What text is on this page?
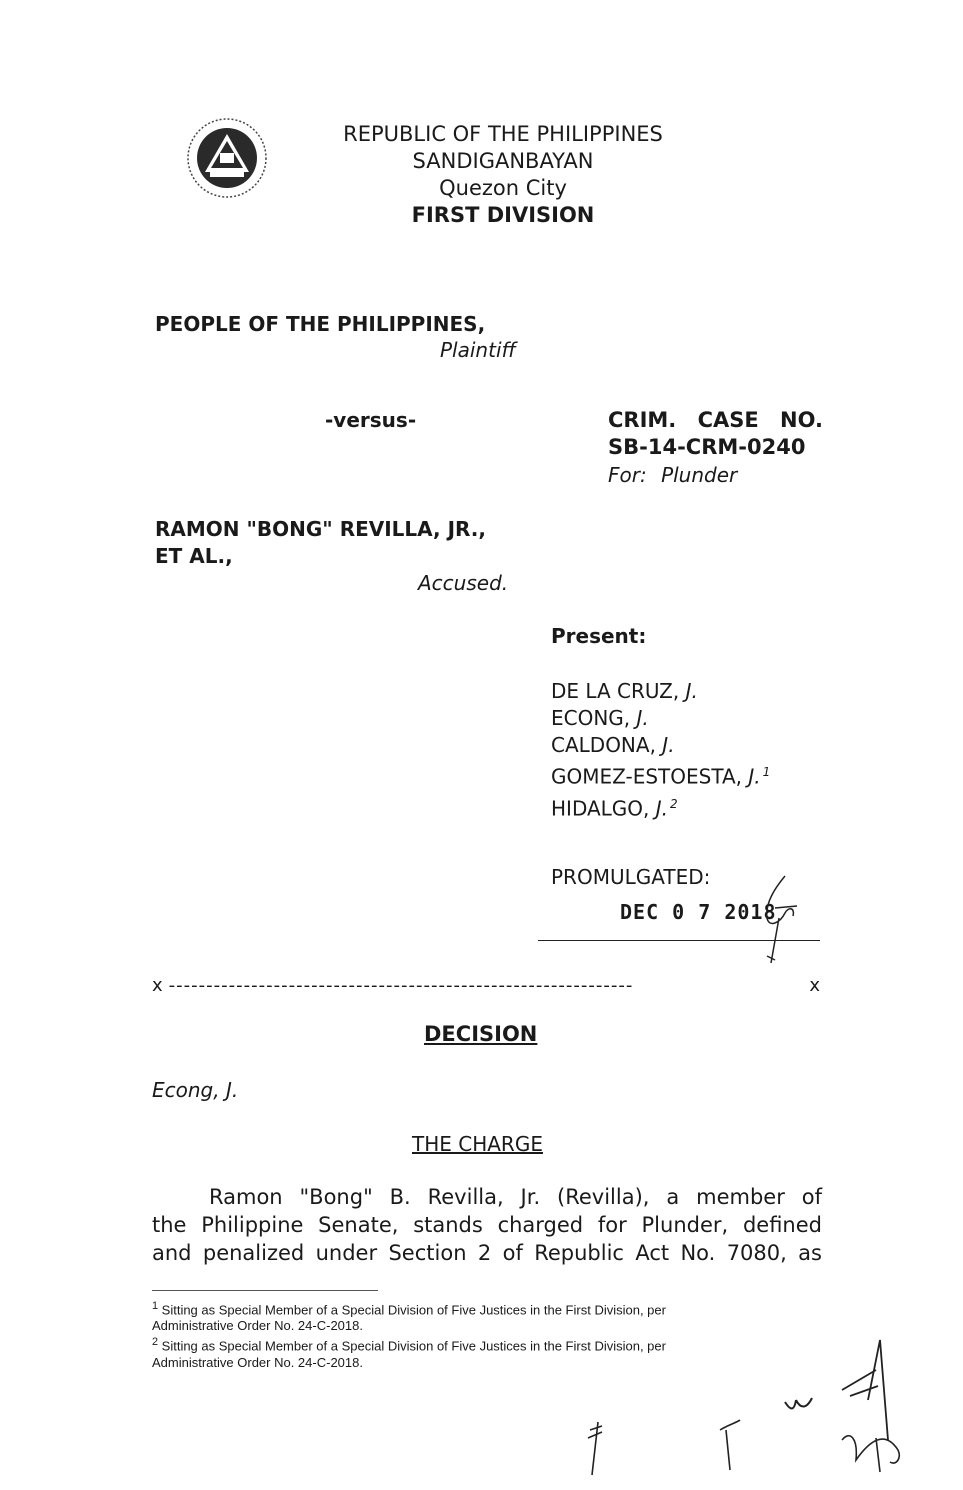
REPUBLIC OF THE PHILIPPINES
SANDIGANBAYAN
Quezon City
FIRST DIVISION
PEOPLE OF THE PHILIPPINES,
Plaintiff
-versus-	CRIM. CASE NO.
SB-14-CRM-0240
For: Plunder
RAMON "BONG" REVILLA, JR.,
ET AL.,
Accused.
Present:
DE LA CRUZ, J.
ECONG, J.
CALDONA, J.
GOMEZ-ESTOESTA, J. $^1$
HIDALGO, J. $^2$
PROMULGATED:
DEC 0 7 2018
x --------------------------------------------------------------	x
DECISION
Econg, J.
THE CHARGE
Ramon "Bong" B. Revilla, Jr. (Revilla), a member of
the Philippine Senate, stands charged for Plunder, defined
and penalized under Section 2 of Republic Act No. 7080, as
$^1$ Sitting as Special Member of a Special Division of Five Justices in the First Division, per
Administrative Order No. 24-C-2018.
$^2$ Sitting as Special Member of a Special Division of Five Justices in the First Division, per
Administrative Order No. 24-C-2018.
